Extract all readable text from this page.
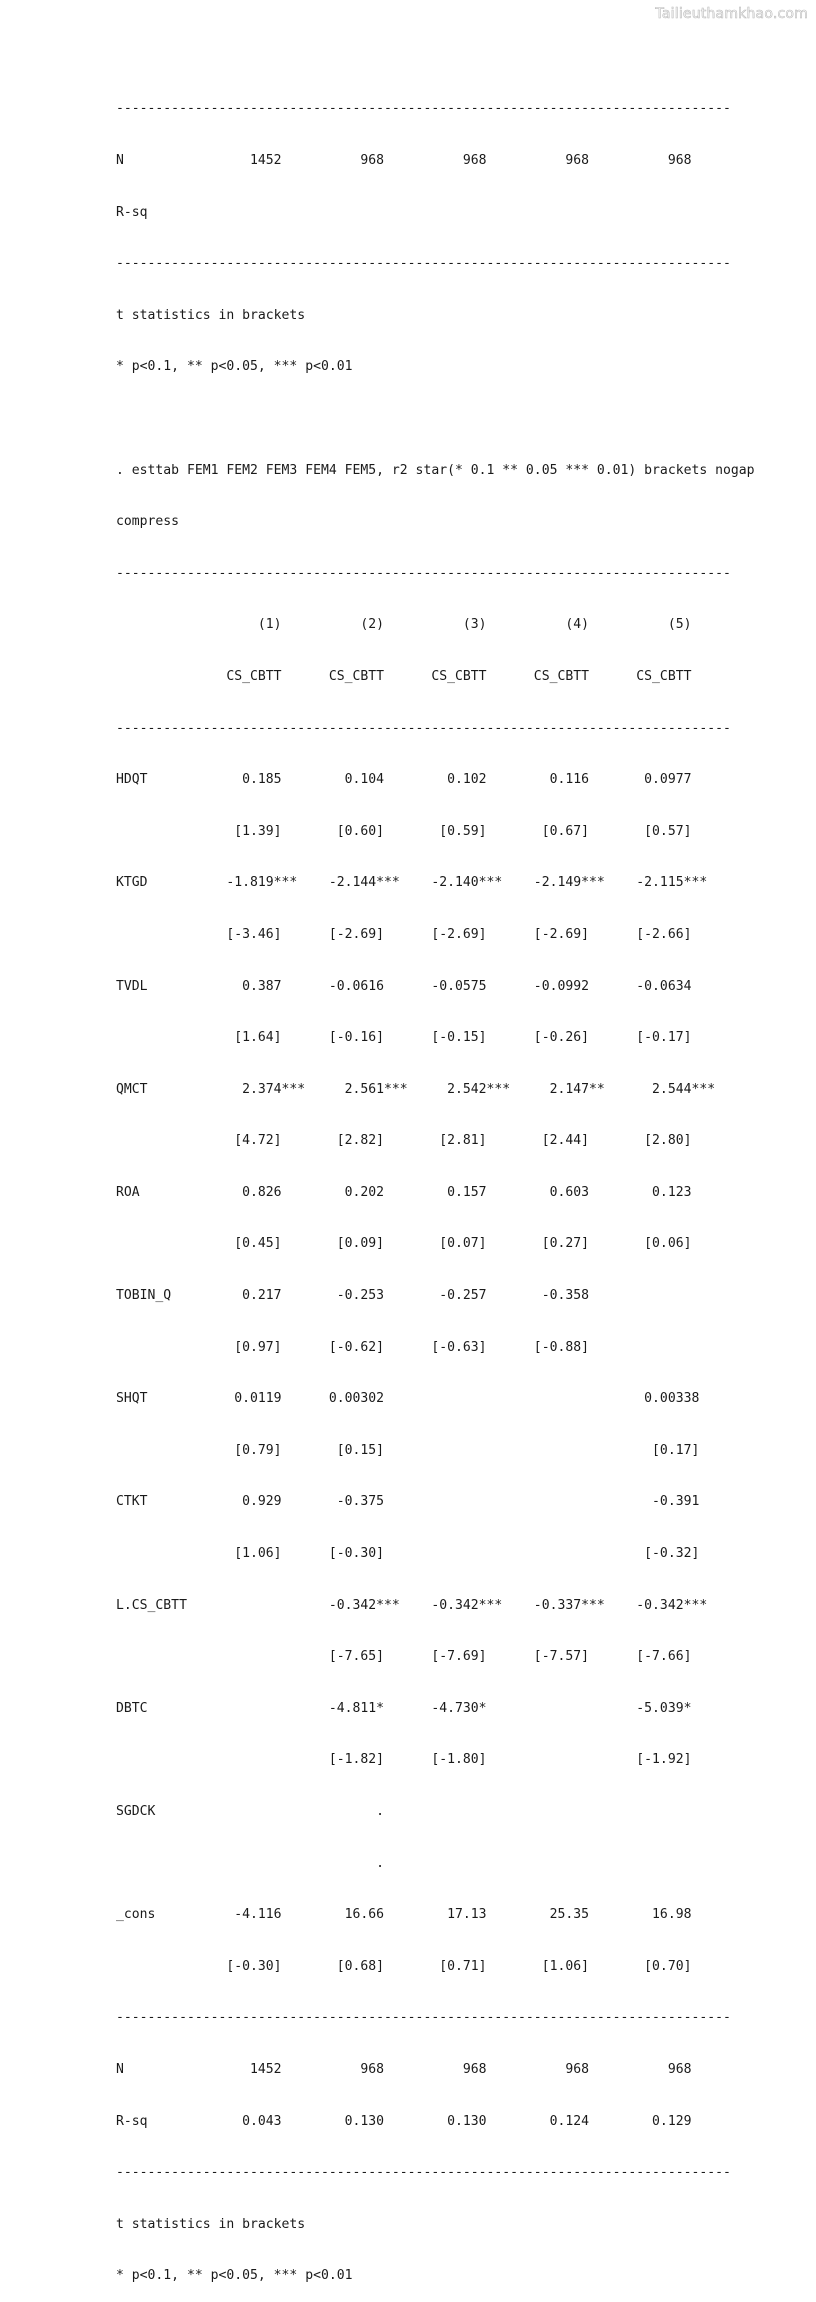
Tailieuthamkhao.com

------------------------------------------------------------------------------

N                1452          968          968          968          968

R-sq

------------------------------------------------------------------------------

t statistics in brackets

* p<0.1, ** p<0.05, *** p<0.01

. esttab FEM1 FEM2 FEM3 FEM4 FEM5, r2 star(* 0.1 ** 0.05 *** 0.01) brackets nogap

compress

------------------------------------------------------------------------------

(1)          (2)          (3)          (4)          (5)

CS_CBTT      CS_CBTT      CS_CBTT      CS_CBTT      CS_CBTT

------------------------------------------------------------------------------

HDQT            0.185        0.104        0.102        0.116       0.0977

[1.39]       [0.60]       [0.59]       [0.67]       [0.57]

KTGD          -1.819***    -2.144***    -2.140***    -2.149***    -2.115***

[-3.46]      [-2.69]      [-2.69]      [-2.69]      [-2.66]

TVDL            0.387      -0.0616      -0.0575      -0.0992      -0.0634

[1.64]      [-0.16]      [-0.15]      [-0.26]      [-0.17]

QMCT            2.374***     2.561***     2.542***     2.147**      2.544***

[4.72]       [2.82]       [2.81]       [2.44]       [2.80]

ROA             0.826        0.202        0.157        0.603        0.123

[0.45]       [0.09]       [0.07]       [0.27]       [0.06]

TOBIN_Q         0.217       -0.253       -0.257       -0.358

[0.97]      [-0.62]      [-0.63]      [-0.88]

SHQT           0.0119      0.00302                                 0.00338

[0.79]       [0.15]                                  [0.17]

CTKT            0.929       -0.375                                  -0.391

[1.06]      [-0.30]                                 [-0.32]

L.CS_CBTT                  -0.342***    -0.342***    -0.337***    -0.342***

[-7.65]      [-7.69]      [-7.57]      [-7.66]

DBTC                       -4.811*      -4.730*                   -5.039*

[-1.82]      [-1.80]                   [-1.92]

SGDCK                            .

.

_cons          -4.116        16.66        17.13        25.35        16.98

[-0.30]       [0.68]       [0.71]       [1.06]       [0.70]

------------------------------------------------------------------------------

N                1452          968          968          968          968

R-sq            0.043        0.130        0.130        0.124        0.129

------------------------------------------------------------------------------

t statistics in brackets

* p<0.1, ** p<0.05, *** p<0.01
